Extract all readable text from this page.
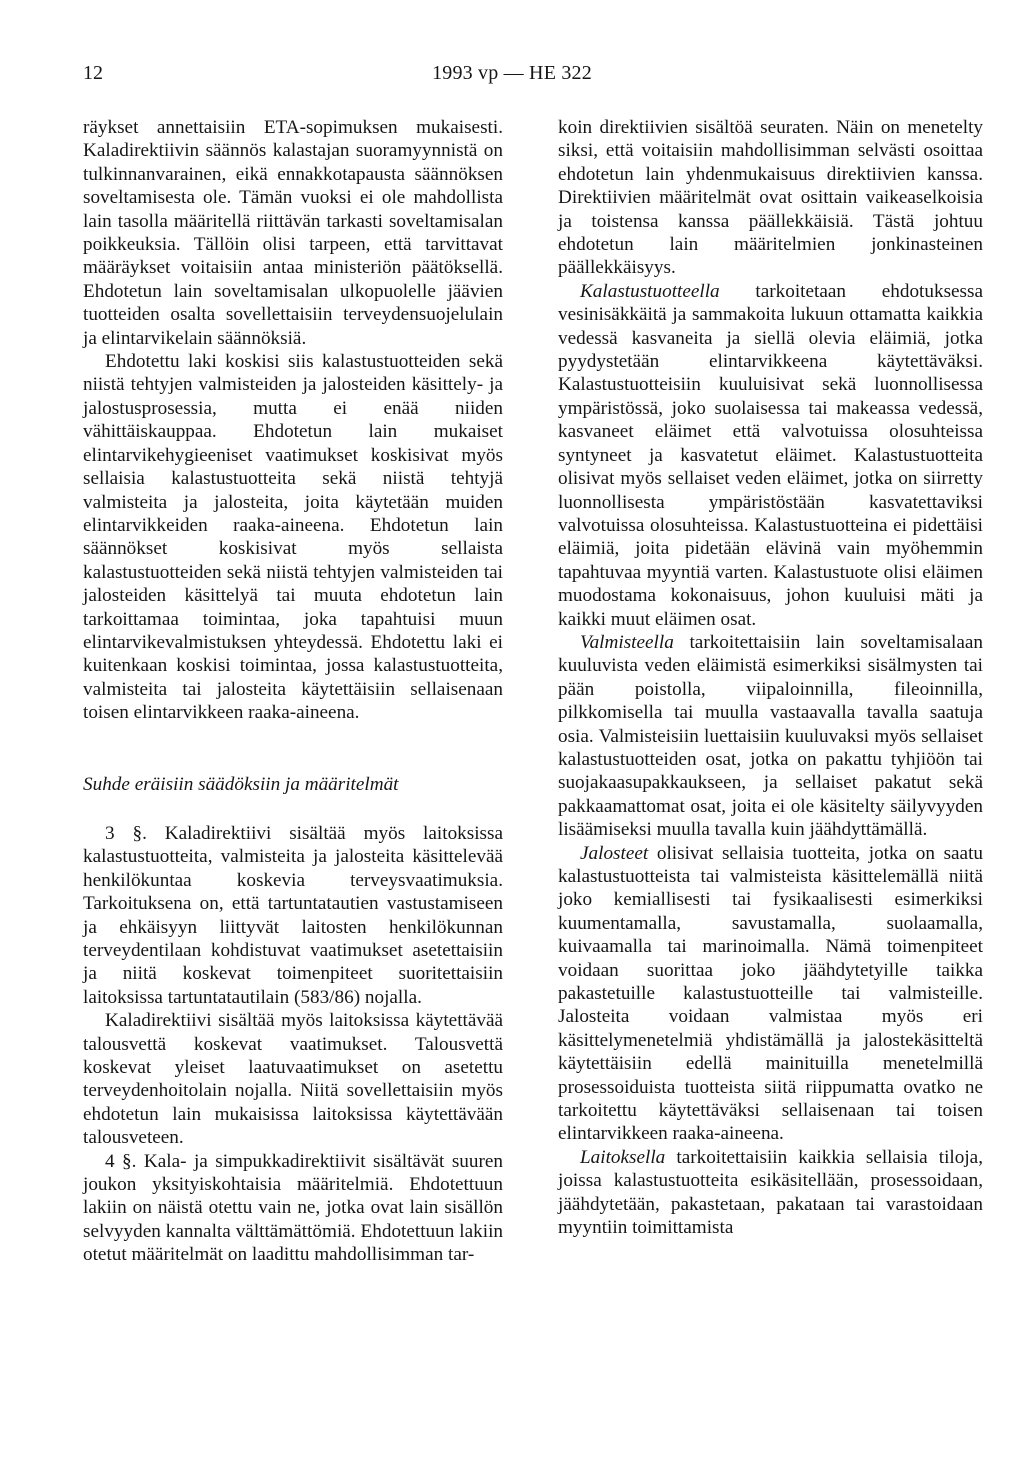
12	1993 vp — HE 322

räykset annettaisiin ETA-sopimuksen mukaisesti. Kaladirektiivin säännös kalastajan suoramyynnistä on tulkinnanvarainen, eikä ennakkotapausta säännöksen soveltamisesta ole. Tämän vuoksi ei ole mahdollista lain tasolla määritellä riittävän tarkasti soveltamisalan poikkeuksia. Tällöin olisi tarpeen, että tarvittavat määräykset voitaisiin antaa ministeriön päätöksellä. Ehdotetun lain soveltamisalan ulkopuolelle jäävien tuotteiden osalta sovellettaisiin terveydensuojelulain ja elintarvikelain säännöksiä.

Ehdotettu laki koskisi siis kalastustuotteiden sekä niistä tehtyjen valmisteiden ja jalosteiden käsittely- ja jalostusprosessia, mutta ei enää niiden vähittäiskauppaa. Ehdotetun lain mukaiset elintarvikehygieeniset vaatimukset koskisivat myös sellaisia kalastustuotteita sekä niistä tehtyjä valmisteita ja jalosteita, joita käytetään muiden elintarvikkeiden raaka-aineena. Ehdotetun lain säännökset koskisivat myös sellaista kalastustuotteiden sekä niistä tehtyjen valmisteiden tai jalosteiden käsittelyä tai muuta ehdotetun lain tarkoittamaa toimintaa, joka tapahtuisi muun elintarvikevalmistuksen yhteydessä. Ehdotettu laki ei kuitenkaan koskisi toimintaa, jossa kalastustuotteita, valmisteita tai jalosteita käytettäisiin sellaisenaan toisen elintarvikkeen raaka-aineena.

Suhde eräisiin säädöksiin ja määritelmät

3 §. Kaladirektiivi sisältää myös laitoksissa kalastustuotteita, valmisteita ja jalosteita käsittelevää henkilökuntaa koskevia terveysvaatimuksia. Tarkoituksena on, että tartuntatautien vastustamiseen ja ehkäisyyn liittyvät laitosten henkilökunnan terveydentilaan kohdistuvat vaatimukset asetettaisiin ja niitä koskevat toimenpiteet suoritettaisiin laitoksissa tartuntatautilain (583/86) nojalla.

Kaladirektiivi sisältää myös laitoksissa käytettävää talousvettä koskevat vaatimukset. Talousvettä koskevat yleiset laatuvaatimukset on asetettu terveydenhoitolain nojalla. Niitä sovellettaisiin myös ehdotetun lain mukaisissa laitoksissa käytettävään talousveteen.

4 §. Kala- ja simpukkadirektiivit sisältävät suuren joukon yksityiskohtaisia määritelmiä. Ehdotettuun lakiin on näistä otettu vain ne, jotka ovat lain sisällön selvyyden kannalta välttämättömiä. Ehdotettuun lakiin otetut määritelmät on laadittu mahdollisimman tar-

koin direktiivien sisältöä seuraten. Näin on menetelty siksi, että voitaisiin mahdollisimman selvästi osoittaa ehdotetun lain yhdenmukaisuus direktiivien kanssa. Direktiivien määritelmät ovat osittain vaikeaselkoisia ja toistensa kanssa päällekkäisiä. Tästä johtuu ehdotetun lain määritelmien jonkinasteinen päällekkäisyys.

Kalastustuotteella tarkoitetaan ehdotuksessa vesinisäkkäitä ja sammakoita lukuun ottamatta kaikkia vedessä kasvaneita ja siellä olevia eläimiä, jotka pyydystetään elintarvikkeena käytettäväksi. Kalastustuotteisiin kuuluisivat sekä luonnollisessa ympäristössä, joko suolaisessa tai makeassa vedessä, kasvaneet eläimet että valvotuissa olosuhteissa syntyneet ja kasvatetut eläimet. Kalastustuotteita olisivat myös sellaiset veden eläimet, jotka on siirretty luonnollisesta ympäristöstään kasvatettaviksi valvotuissa olosuhteissa. Kalastustuotteina ei pidettäisi eläimiä, joita pidetään elävinä vain myöhemmin tapahtuvaa myyntiä varten. Kalastustuote olisi eläimen muodostama kokonaisuus, johon kuuluisi mäti ja kaikki muut eläimen osat.

Valmisteella tarkoitettaisiin lain soveltamisalaan kuuluvista veden eläimistä esimerkiksi sisälmysten tai pään poistolla, viipaloinnilla, fileoinnilla, pilkkomisella tai muulla vastaavalla tavalla saatuja osia. Valmisteisiin luettaisiin kuuluvaksi myös sellaiset kalastustuotteiden osat, jotka on pakattu tyhjiöön tai suojakaasupakkaukseen, ja sellaiset pakatut sekä pakkaamattomat osat, joita ei ole käsitelty säilyvyyden lisäämiseksi muulla tavalla kuin jäähdyttämällä.

Jalosteet olisivat sellaisia tuotteita, jotka on saatu kalastustuotteista tai valmisteista käsittelemällä niitä joko kemiallisesti tai fysikaalisesti esimerkiksi kuumentamalla, savustamalla, suolaamalla, kuivaamalla tai marinoimalla. Nämä toimenpiteet voidaan suorittaa joko jäähdytetyille taikka pakastetuille kalastustuotteille tai valmisteille. Jalosteita voidaan valmistaa myös eri käsittelymenetelmiä yhdistämällä ja jalostekäsitteltä käytettäisiin edellä mainituilla menetelmillä prosessoiduista tuotteista siitä riippumatta ovatko ne tarkoitettu käytettäväksi sellaisenaan tai toisen elintarvikkeen raaka-aineena.

Laitoksella tarkoitettaisiin kaikkia sellaisia tiloja, joissa kalastustuotteita esikäsitellään, prosessoidaan, jäähdytetään, pakastetaan, pakataan tai varastoidaan myyntiin toimittamista
